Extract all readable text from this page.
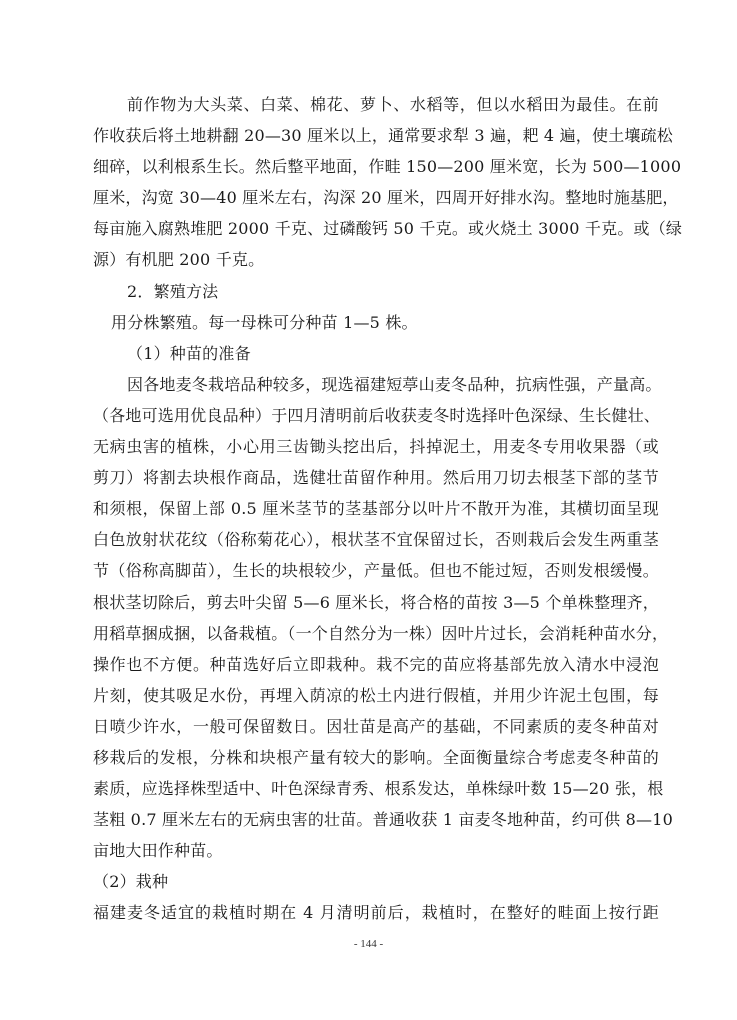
前作物为大头菜、白菜、棉花、萝卜、水稻等，但以水稻田为最佳。在前
作收获后将土地耕翻 20—30 厘米以上，通常要求犁 3 遍，耙 4 遍，使土壤疏松
细碎，以利根系生长。然后整平地面，作畦 150—200 厘米宽，长为 500—1000
厘米，沟宽 30—40 厘米左右，沟深 20 厘米，四周开好排水沟。整地时施基肥，
每亩施入腐熟堆肥 2000 千克、过磷酸钙 50 千克。或火烧土 3000 千克。或（绿
源）有机肥 200 千克。
2．繁殖方法
用分株繁殖。每一母株可分种苗 1—5 株。
（1）种苗的准备
因各地麦冬栽培品种较多，现选福建短葶山麦冬品种，抗病性强，产量高。
（各地可选用优良品种）于四月清明前后收获麦冬时选择叶色深绿、生长健壮、
无病虫害的植株，小心用三齿锄头挖出后，抖掉泥土，用麦冬专用收果器（或
剪刀）将割去块根作商品，选健壮苗留作种用。然后用刀切去根茎下部的茎节
和须根，保留上部 0.5 厘米茎节的茎基部分以叶片不散开为准，其横切面呈现
白色放射状花纹（俗称菊花心），根状茎不宜保留过长，否则栽后会发生两重茎
节（俗称高脚苗），生长的块根较少，产量低。但也不能过短，否则发根缓慢。
根状茎切除后，剪去叶尖留 5—6 厘米长，将合格的苗按 3—5 个单株整理齐，
用稻草捆成捆，以备栽植。（一个自然分为一株）因叶片过长，会消耗种苗水分，
操作也不方便。种苗选好后立即栽种。栽不完的苗应将基部先放入清水中浸泡
片刻，使其吸足水份，再埋入荫凉的松土内进行假植，并用少许泥土包围，每
日喷少许水，一般可保留数日。因壮苗是高产的基础，不同素质的麦冬种苗对
移栽后的发根，分株和块根产量有较大的影响。全面衡量综合考虑麦冬种苗的
素质，应选择株型适中、叶色深绿青秀、根系发达，单株绿叶数 15—20 张，根
茎粗 0.7 厘米左右的无病虫害的壮苗。普通收获 1 亩麦冬地种苗，约可供 8—10
亩地大田作种苗。
（2）栽种
福建麦冬适宜的栽植时期在 4 月清明前后，栽植时，在整好的畦面上按行距
- 144 -
